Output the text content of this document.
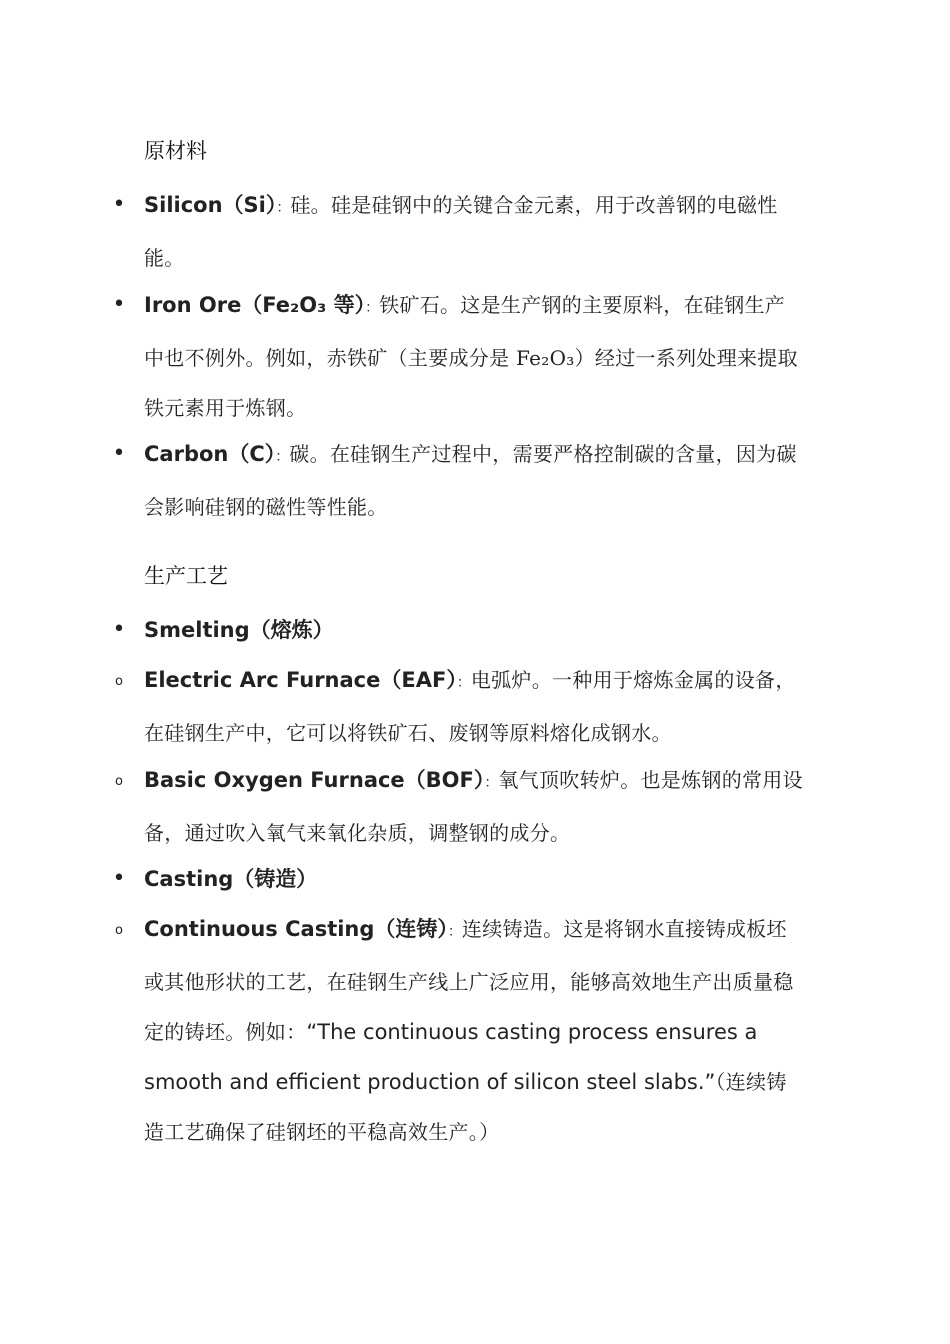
原材料

• Silicon（Si）：硅。硅是硅钢中的关键合金元素，用于改善钢的电磁性能。

• Iron Ore（Fe₂O₃ 等）：铁矿石。这是生产钢的主要原料，在硅钢生产中也不例外。例如，赤铁矿（主要成分是 Fe₂O₃）经过一系列处理来提取铁元素用于炼钢。

• Carbon（C）：碳。在硅钢生产过程中，需要严格控制碳的含量，因为碳会影响硅钢的磁性等性能。

生产工艺

• Smelting（熔炼）

o Electric Arc Furnace（EAF）：电弧炉。一种用于熔炼金属的设备，在硅钢生产中，它可以将铁矿石、废钢等原料熔化成钢水。

o Basic Oxygen Furnace（BOF）：氧气顶吹转炉。也是炼钢的常用设备，通过吹入氧气来氧化杂质，调整钢的成分。

• Casting（铸造）

o Continuous Casting（连铸）：连续铸造。这是将钢水直接铸成板坯或其他形状的工艺，在硅钢生产线上广泛应用，能够高效地生产出质量稳定的铸坯。例如：“The continuous casting process ensures a smooth and efficient production of silicon steel slabs.”（连续铸造工艺确保了硅钢坯的平稳高效生产。）
